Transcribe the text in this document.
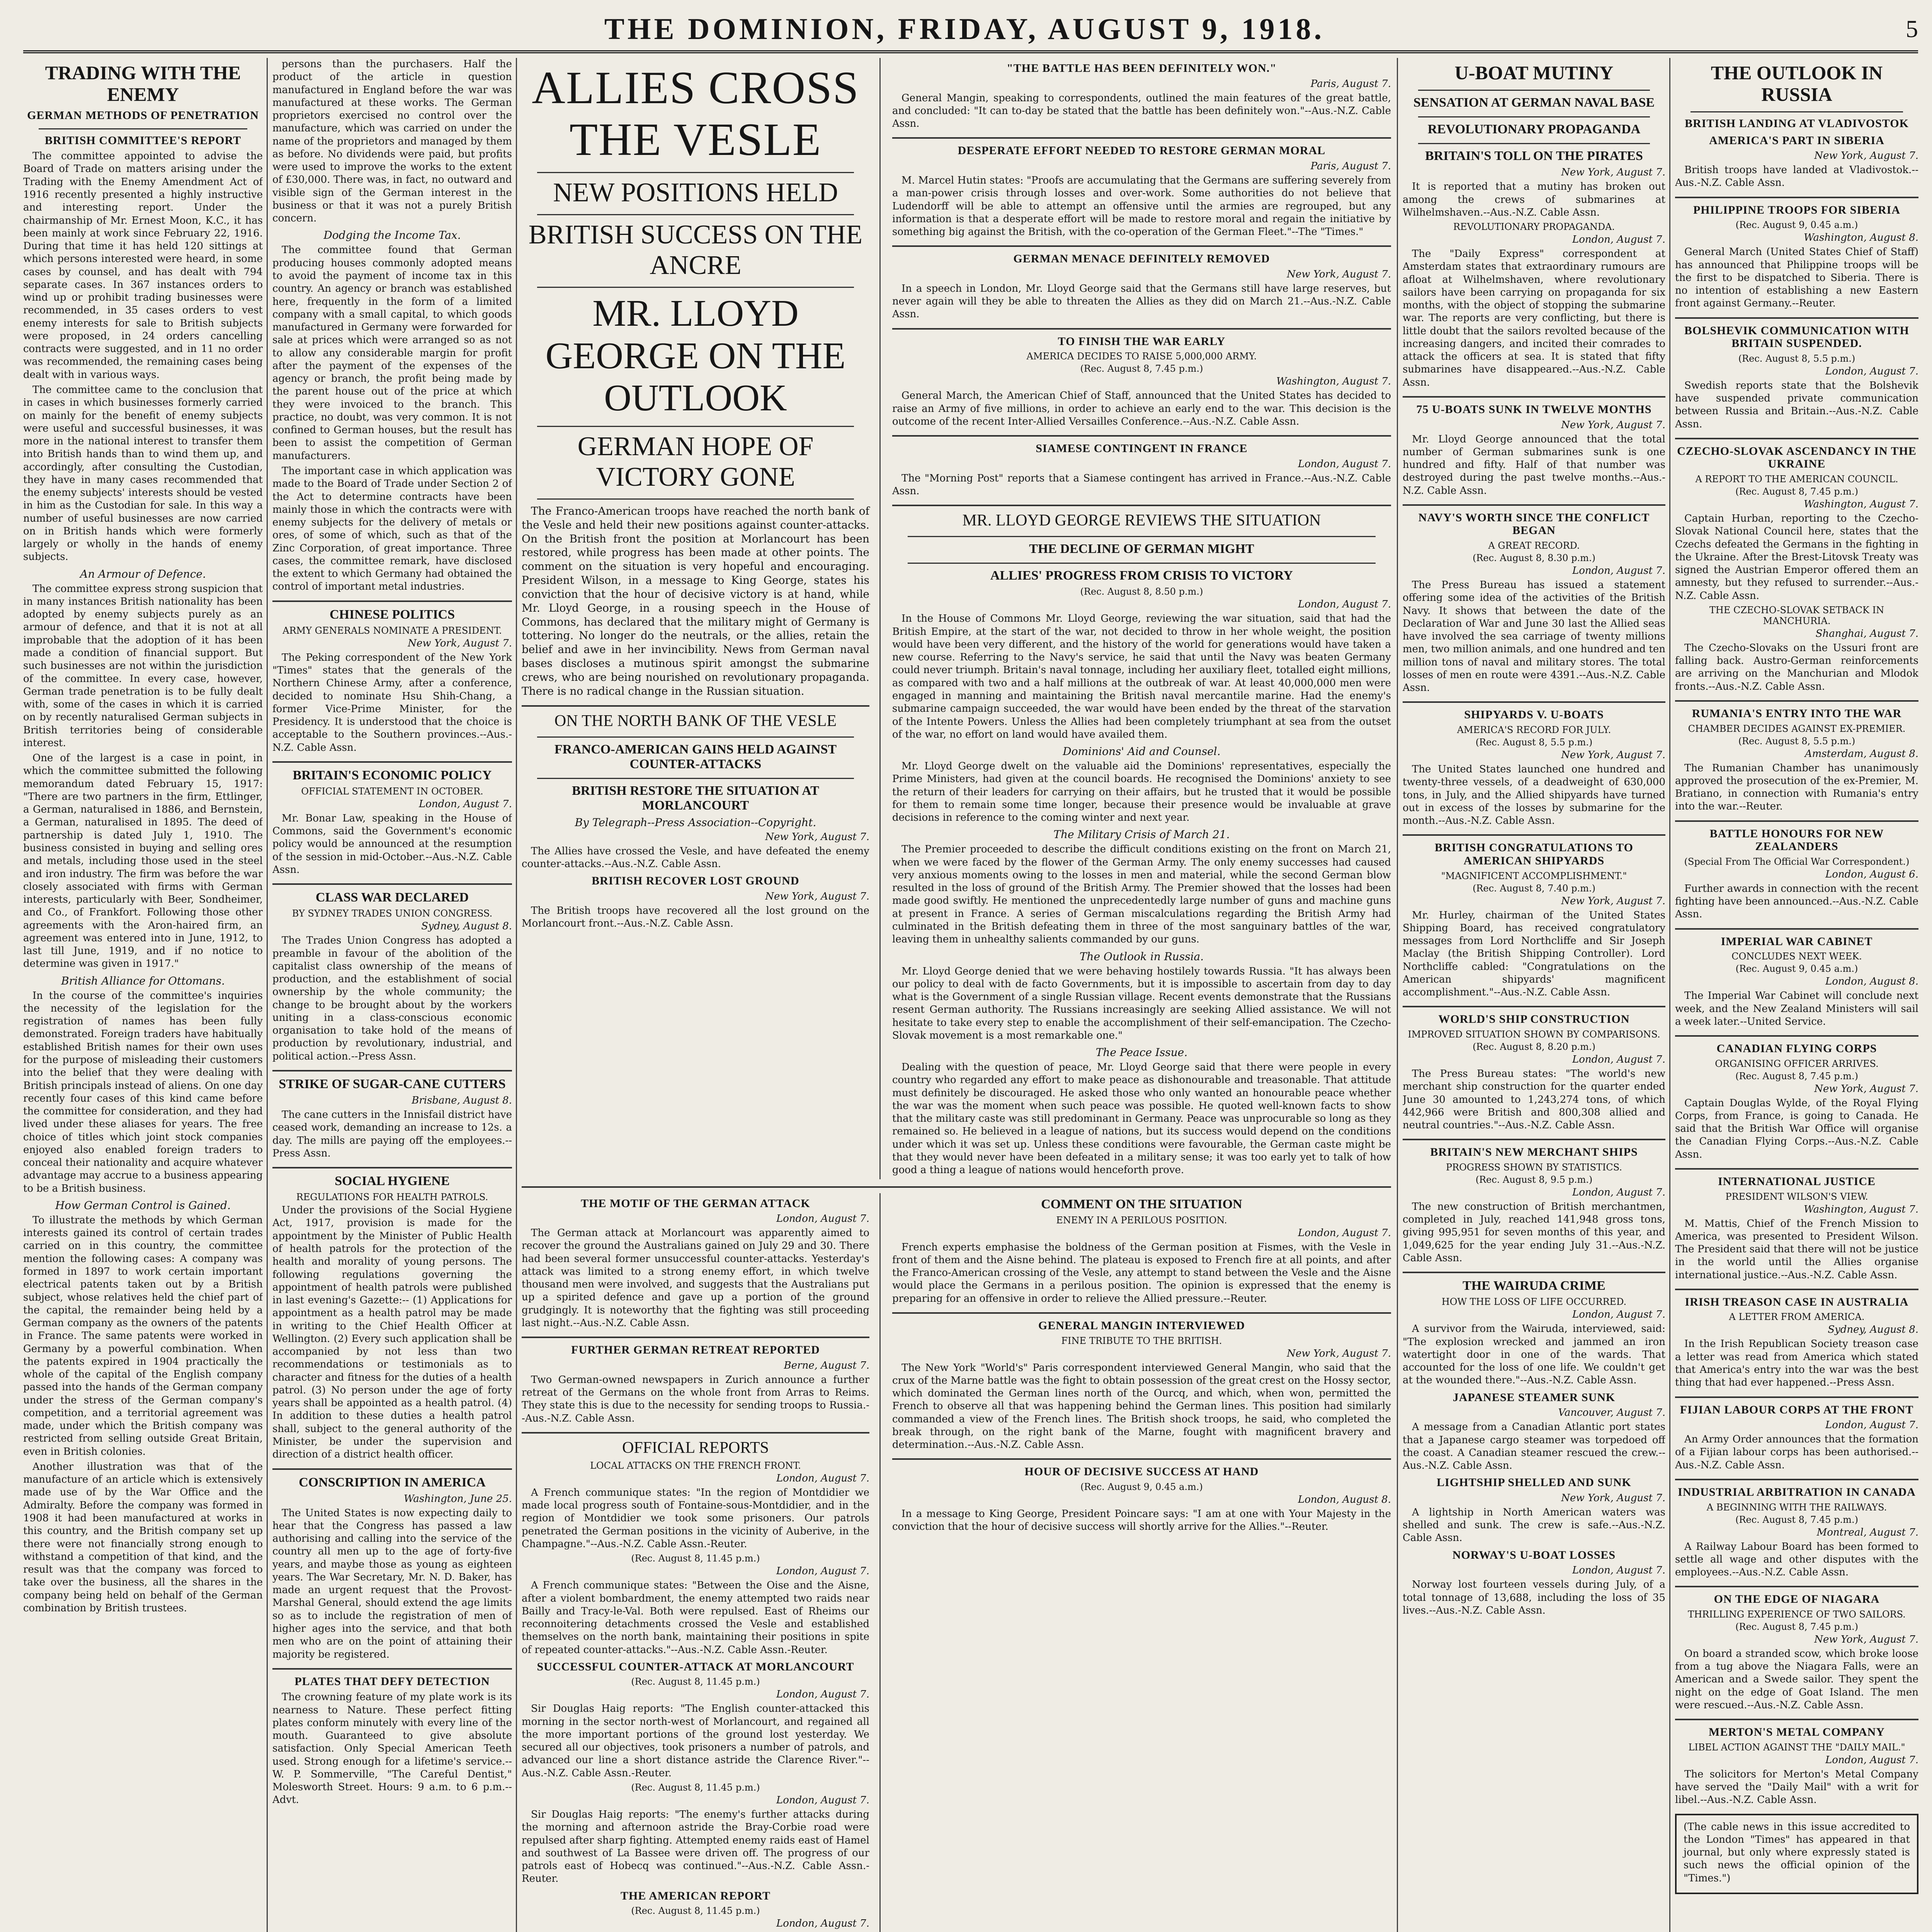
THE DOMINION, FRIDAY, AUGUST 9, 1918.	5
TRADING WITH THE ENEMY
GERMAN METHODS OF PENETRATION
BRITISH COMMITTEE'S REPORT

The committee appointed to advise the Board of Trade on matters arising under the Trading with the Enemy Amendment Act of 1916 recently presented a highly instructive and interesting report. Under the chairmanship of Mr. Ernest Moon, K.C., it has been mainly at work since February 22, 1916. During that time it has held 120 sittings at which persons interested were heard, in some cases by counsel, and has dealt with 794 separate cases. In 367 instances orders to wind up or prohibit trading businesses were recommended, in 35 cases orders to vest enemy interests for sale to British subjects were proposed, in 24 orders cancelling contracts were suggested, and in 11 no order was recommended, the remaining cases being dealt with in various ways.

The committee came to the conclusion that in cases in which businesses formerly carried on mainly for the benefit of enemy subjects were useful and successful businesses, it was more in the national interest to transfer them into British hands than to wind them up, and accordingly, after consulting the Custodian, they have in many cases recommended that the enemy subjects' interests should be vested in him as the Custodian for sale. In this way a number of useful businesses are now carried on in British hands which were formerly largely or wholly in the hands of enemy subjects.

An Armour of Defence.

The committee express strong suspicion that in many instances British nationality has been adopted by enemy subjects purely as an armour of defence, and that it is not at all improbable that the adoption of it has been made a condition of financial support. But such businesses are not within the jurisdiction of the committee. In every case, however, German trade penetration is to be fully dealt with, some of the cases in which it is carried on by recently naturalised German subjects in British territories being of considerable interest.

One of the largest is a case in point, in which the committee submitted the following memorandum dated February 15, 1917: "There are two partners in the firm, Ettlinger, a German, naturalised in 1886, and Bernstein, a German, naturalised in 1895. The deed of partnership is dated July 1, 1910. The business consisted in buying and selling ores and metals, including those used in the steel and iron industry. The firm was before the war closely associated with firms with German interests, particularly with Beer, Sondheimer, and Co., of Frankfort. Following those other agreements with the Aron-haired firm, an agreement was entered into in June, 1912, to last till June, 1919, and if no notice to determine was given in 1917."

British Alliance for Ottomans.

In the course of the committee's inquiries the necessity of the legislation for the registration of names has been fully demonstrated. Foreign traders have habitually established British names for their own uses for the purpose of misleading their customers into the belief that they were dealing with British principals instead of aliens. On one day recently four cases of this kind came before the committee for consideration, and they had lived under these aliases for years. The free choice of titles which joint stock companies enjoyed also enabled foreign traders to conceal their nationality and acquire whatever advantage may accrue to a business appearing to be a British business.

How German Control is Gained.

To illustrate the methods by which German interests gained its control of certain trades carried on in this country, the committee mention the following cases: A company was formed in 1897 to work certain important electrical patents taken out by a British subject, whose relatives held the chief part of the capital, the remainder being held by a German company as the owners of the patents in France. The same patents were worked in Germany by a powerful combination. When the patents expired in 1904 practically the whole of the capital of the English company passed into the hands of the German company under the stress of the German company's competition, and a territorial agreement was made, under which the British company was restricted from selling outside Great Britain, even in British colonies.

Another illustration was that of the manufacture of an article which is extensively made use of by the War Office and the Admiralty. Before the company was formed in 1908 it had been manufactured at works in this country, and the British company set up there were not financially strong enough to withstand a competition of that kind, and the result was that the company was forced to take over the business, all the shares in the company being held on behalf of the German combination by British trustees.

persons than the purchasers. Half the product of the article in question manufactured in England before the war was manufactured at these works. The German proprietors exercised no control over the manufacture, which was carried on under the name of the proprietors and managed by them as before. No dividends were paid, but profits were used to improve the works to the extent of £30,000. There was, in fact, no outward and visible sign of the German interest in the business or that it was not a purely British concern.

Dodging the Income Tax.

The committee found that German producing houses commonly adopted means to avoid the payment of income tax in this country. An agency or branch was established here, frequently in the form of a limited company with a small capital, to which goods manufactured in Germany were forwarded for sale at prices which were arranged so as not to allow any considerable margin for profit after the payment of the expenses of the agency or branch, the profit being made by the parent house out of the price at which they were invoiced to the branch. This practice, no doubt, was very common. It is not confined to German houses, but the result has been to assist the competition of German manufacturers.

The important case in which application was made to the Board of Trade under Section 2 of the Act to determine contracts have been mainly those in which the contracts were with enemy subjects for the delivery of metals or ores, of some of which, such as that of the Zinc Corporation, of great importance. Three cases, the committee remark, have disclosed the extent to which Germany had obtained the control of important metal industries.

CHINESE POLITICS
ARMY GENERALS NOMINATE A PRESIDENT.
New York, August 7.

The Peking correspondent of the New York "Times" states that the generals of the Northern Chinese Army, after a conference, decided to nominate Hsu Shih-Chang, a former Vice-Prime Minister, for the Presidency. It is understood that the choice is acceptable to the Southern provinces.--Aus.-N.Z. Cable Assn.

BRITAIN'S ECONOMIC POLICY
OFFICIAL STATEMENT IN OCTOBER.
London, August 7.

Mr. Bonar Law, speaking in the House of Commons, said the Government's economic policy would be announced at the resumption of the session in mid-October.--Aus.-N.Z. Cable Assn.

CLASS WAR DECLARED
BY SYDNEY TRADES UNION CONGRESS.
Sydney, August 8.

The Trades Union Congress has adopted a preamble in favour of the abolition of the capitalist class ownership of the means of production, and the establishment of social ownership by the whole community; the change to be brought about by the workers uniting in a class-conscious economic organisation to take hold of the means of production by revolutionary, industrial, and political action.--Press Assn.

STRIKE OF SUGAR-CANE CUTTERS
Brisbane, August 8.

The cane cutters in the Innisfail district have ceased work, demanding an increase to 12s. a day. The mills are paying off the employees.--Press Assn.

SOCIAL HYGIENE
REGULATIONS FOR HEALTH PATROLS.

Under the provisions of the Social Hygiene Act, 1917, provision is made for the appointment by the Minister of Public Health of health patrols for the protection of the health and morality of young persons. The following regulations governing the appointment of health patrols were published in last evening's Gazette:-- (1) Applications for appointment as a health patrol may be made in writing to the Chief Health Officer at Wellington. (2) Every such application shall be accompanied by not less than two recommendations or testimonials as to character and fitness for the duties of a health patrol. (3) No person under the age of forty years shall be appointed as a health patrol. (4) In addition to these duties a health patrol shall, subject to the general authority of the Minister, be under the supervision and direction of a district health officer.

CONSCRIPTION IN AMERICA
Washington, June 25.

The United States is now expecting daily to hear that the Congress has passed a law authorising and calling into the service of the country all men up to the age of forty-five years, and maybe those as young as eighteen years. The War Secretary, Mr. N. D. Baker, has made an urgent request that the Provost-Marshal General, should extend the age limits so as to include the registration of men of higher ages into the service, and that both men who are on the point of attaining their majority be registered.

PLATES THAT DEFY DETECTION

The crowning feature of my plate work is its nearness to Nature. These perfect fitting plates conform minutely with every line of the mouth. Guaranteed to give absolute satisfaction. Only Special American Teeth used. Strong enough for a lifetime's service.--W. P. Sommerville, "The Careful Dentist," Molesworth Street. Hours: 9 a.m. to 6 p.m.--Advt.

ALLIES CROSS THE VESLE
NEW POSITIONS HELD
BRITISH SUCCESS ON THE ANCRE
MR. LLOYD GEORGE ON THE OUTLOOK
GERMAN HOPE OF VICTORY GONE

The Franco-American troops have reached the north bank of the Vesle and held their new positions against counter-attacks. On the British front the position at Morlancourt has been restored, while progress has been made at other points. The comment on the situation is very hopeful and encouraging. President Wilson, in a message to King George, states his conviction that the hour of decisive victory is at hand, while Mr. Lloyd George, in a rousing speech in the House of Commons, has declared that the military might of Germany is tottering. No longer do the neutrals, or the allies, retain the belief and awe in her invincibility. News from German naval bases discloses a mutinous spirit amongst the submarine crews, who are being nourished on revolutionary propaganda. There is no radical change in the Russian situation.

ON THE NORTH BANK OF THE VESLE
FRANCO-AMERICAN GAINS HELD AGAINST COUNTER-ATTACKS
BRITISH RESTORE THE SITUATION AT MORLANCOURT
By Telegraph--Press Association--Copyright.
New York, August 7.

The Allies have crossed the Vesle, and have defeated the enemy counter-attacks.--Aus.-N.Z. Cable Assn.

BRITISH RECOVER LOST GROUND
New York, August 7.

The British troops have recovered all the lost ground on the Morlancourt front.--Aus.-N.Z. Cable Assn.

"THE BATTLE HAS BEEN DEFINITELY WON."
Paris, August 7.

General Mangin, speaking to correspondents, outlined the main features of the great battle, and concluded: "It can to-day be stated that the battle has been definitely won."--Aus.-N.Z. Cable Assn.

DESPERATE EFFORT NEEDED TO RESTORE GERMAN MORAL
Paris, August 7.

M. Marcel Hutin states: "Proofs are accumulating that the Germans are suffering severely from a man-power crisis through losses and over-work. Some authorities do not believe that Ludendorff will be able to attempt an offensive until the armies are regrouped, but any information is that a desperate effort will be made to restore moral and regain the initiative by something big against the British, with the co-operation of the German Fleet."--The "Times."

GERMAN MENACE DEFINITELY REMOVED
New York, August 7.

In a speech in London, Mr. Lloyd George said that the Germans still have large reserves, but never again will they be able to threaten the Allies as they did on March 21.--Aus.-N.Z. Cable Assn.

TO FINISH THE WAR EARLY
AMERICA DECIDES TO RAISE 5,000,000 ARMY.
(Rec. August 8, 7.45 p.m.)
Washington, August 7.

General March, the American Chief of Staff, announced that the United States has decided to raise an Army of five millions, in order to achieve an early end to the war. This decision is the outcome of the recent Inter-Allied Versailles Conference.--Aus.-N.Z. Cable Assn.

SIAMESE CONTINGENT IN FRANCE
London, August 7.

The "Morning Post" reports that a Siamese contingent has arrived in France.--Aus.-N.Z. Cable Assn.

MR. LLOYD GEORGE REVIEWS THE SITUATION
THE DECLINE OF GERMAN MIGHT
ALLIES' PROGRESS FROM CRISIS TO VICTORY
(Rec. August 8, 8.50 p.m.)
London, August 7.

In the House of Commons Mr. Lloyd George, reviewing the war situation, said that had the British Empire, at the start of the war, not decided to throw in her whole weight, the position would have been very different, and the history of the world for generations would have taken a new course. Referring to the Navy's service, he said that until the Navy was beaten Germany could never triumph. Britain's naval tonnage, including her auxiliary fleet, totalled eight millions, as compared with two and a half millions at the outbreak of war. At least 40,000,000 men were engaged in manning and maintaining the British naval mercantile marine. Had the enemy's submarine campaign succeeded, the war would have been ended by the threat of the starvation of the Intente Powers. Unless the Allies had been completely triumphant at sea from the outset of the war, no effort on land would have availed them.

Dominions' Aid and Counsel.

Mr. Lloyd George dwelt on the valuable aid the Dominions' representatives, especially the Prime Ministers, had given at the council boards. He recognised the Dominions' anxiety to see the return of their leaders for carrying on their affairs, but he trusted that it would be possible for them to remain some time longer, because their presence would be invaluable at grave decisions in reference to the coming winter and next year.

The Military Crisis of March 21.

The Premier proceeded to describe the difficult conditions existing on the front on March 21, when we were faced by the flower of the German Army. The only enemy successes had caused very anxious moments owing to the losses in men and material, while the second German blow resulted in the loss of ground of the British Army. The Premier showed that the losses had been made good swiftly. He mentioned the unprecedentedly large number of guns and machine guns at present in France. A series of German miscalculations regarding the British Army had culminated in the British defeating them in three of the most sanguinary battles of the war, leaving them in unhealthy salients commanded by our guns.

The Outlook in Russia.

Mr. Lloyd George denied that we were behaving hostilely towards Russia. "It has always been our policy to deal with de facto Governments, but it is impossible to ascertain from day to day what is the Government of a single Russian village. Recent events demonstrate that the Russians resent German authority. The Russians increasingly are seeking Allied assistance. We will not hesitate to take every step to enable the accomplishment of their self-emancipation. The Czecho-Slovak movement is a most remarkable one."

The Peace Issue.

Dealing with the question of peace, Mr. Lloyd George said that there were people in every country who regarded any effort to make peace as dishonourable and treasonable. That attitude must definitely be discouraged. He asked those who only wanted an honourable peace whether the war was the moment when such peace was possible. He quoted well-known facts to show that the military caste was still predominant in Germany. Peace was unprocurable so long as they remained so. He believed in a league of nations, but its success would depend on the conditions under which it was set up. Unless these conditions were favourable, the German caste might be that they would never have been defeated in a military sense; it was too early yet to talk of how good a thing a league of nations would henceforth prove.

THE MOTIF OF THE GERMAN ATTACK
London, August 7.

The German attack at Morlancourt was apparently aimed to recover the ground the Australians gained on July 29 and 30. There had been several former unsuccessful counter-attacks. Yesterday's attack was limited to a strong enemy effort, in which twelve thousand men were involved, and suggests that the Australians put up a spirited defence and gave up a portion of the ground grudgingly. It is noteworthy that the fighting was still proceeding last night.--Aus.-N.Z. Cable Assn.

FURTHER GERMAN RETREAT REPORTED
Berne, August 7.

Two German-owned newspapers in Zurich announce a further retreat of the Germans on the whole front from Arras to Reims. They state this is due to the necessity for sending troops to Russia.--Aus.-N.Z. Cable Assn.

OFFICIAL REPORTS
LOCAL ATTACKS ON THE FRENCH FRONT.
London, August 7.

A French communique states: "In the region of Montdidier we made local progress south of Fontaine-sous-Montdidier, and in the region of Montdidier we took some prisoners. Our patrols penetrated the German positions in the vicinity of Auberive, in the Champagne."--Aus.-N.Z. Cable Assn.-Reuter.

(Rec. August 8, 11.45 p.m.)
London, August 7.

A French communique states: "Between the Oise and the Aisne, after a violent bombardment, the enemy attempted two raids near Bailly and Tracy-le-Val. Both were repulsed. East of Rheims our reconnoitering detachments crossed the Vesle and established themselves on the north bank, maintaining their positions in spite of repeated counter-attacks."--Aus.-N.Z. Cable Assn.-Reuter.

SUCCESSFUL COUNTER-ATTACK AT MORLANCOURT
(Rec. August 8, 11.45 p.m.)
London, August 7.

Sir Douglas Haig reports: "The English counter-attacked this morning in the sector north-west of Morlancourt, and regained all the more important portions of the ground lost yesterday. We secured all our objectives, took prisoners a number of patrols, and advanced our line a short distance astride the Clarence River."--Aus.-N.Z. Cable Assn.-Reuter.

(Rec. August 8, 11.45 p.m.)
London, August 7.

Sir Douglas Haig reports: "The enemy's further attacks during the morning and afternoon astride the Bray-Corbie road were repulsed after sharp fighting. Attempted enemy raids east of Hamel and southwest of La Bassee were driven off. The progress of our patrols east of Hobecq was continued."--Aus.-N.Z. Cable Assn.-Reuter.

THE AMERICAN REPORT
(Rec. August 8, 11.45 p.m.)
London, August 7.

COMMENT ON THE SITUATION
ENEMY IN A PERILOUS POSITION.
London, August 7.

French experts emphasise the boldness of the German position at Fismes, with the Vesle in front of them and the Aisne behind. The plateau is exposed to French fire at all points, and after the Franco-American crossing of the Vesle, any attempt to stand between the Vesle and the Aisne would place the Germans in a perilous position. The opinion is expressed that the enemy is preparing for an offensive in order to relieve the Allied pressure.--Reuter.

GENERAL MANGIN INTERVIEWED
FINE TRIBUTE TO THE BRITISH.
New York, August 7.

The New York "World's" Paris correspondent interviewed General Mangin, who said that the crux of the Marne battle was the fight to obtain possession of the great crest on the Hossy sector, which dominated the German lines north of the Ourcq, and which, when won, permitted the French to observe all that was happening behind the German lines. This position had similarly commanded a view of the French lines. The British shock troops, he said, who completed the break through, on the right bank of the Marne, fought with magnificent bravery and determination.--Aus.-N.Z. Cable Assn.

HOUR OF DECISIVE SUCCESS AT HAND
(Rec. August 9, 0.45 a.m.)
London, August 8.

In a message to King George, President Poincare says: "I am at one with Your Majesty in the conviction that the hour of decisive success will shortly arrive for the Allies."--Reuter.

U-BOAT MUTINY
SENSATION AT GERMAN NAVAL BASE
REVOLUTIONARY PROPAGANDA
BRITAIN'S TOLL ON THE PIRATES
New York, August 7.

It is reported that a mutiny has broken out among the crews of submarines at Wilhelmshaven.--Aus.-N.Z. Cable Assn.

REVOLUTIONARY PROPAGANDA.
London, August 7.

The "Daily Express" correspondent at Amsterdam states that extraordinary rumours are afloat at Wilhelmshaven, where revolutionary sailors have been carrying on propaganda for six months, with the object of stopping the submarine war. The reports are very conflicting, but there is little doubt that the sailors revolted because of the increasing dangers, and incited their comrades to attack the officers at sea. It is stated that fifty submarines have disappeared.--Aus.-N.Z. Cable Assn.

75 U-BOATS SUNK IN TWELVE MONTHS
New York, August 7.

Mr. Lloyd George announced that the total number of German submarines sunk is one hundred and fifty. Half of that number was destroyed during the past twelve months.--Aus.-N.Z. Cable Assn.

NAVY'S WORTH SINCE THE CONFLICT BEGAN
A GREAT RECORD.
(Rec. August 8, 8.30 p.m.)
London, August 7.

The Press Bureau has issued a statement offering some idea of the activities of the British Navy. It shows that between the date of the Declaration of War and June 30 last the Allied seas have involved the sea carriage of twenty millions men, two million animals, and one hundred and ten million tons of naval and military stores. The total losses of men en route were 4391.--Aus.-N.Z. Cable Assn.

SHIPYARDS V. U-BOATS
AMERICA'S RECORD FOR JULY.
(Rec. August 8, 5.5 p.m.)
New York, August 7.

The United States launched one hundred and twenty-three vessels, of a deadweight of 630,000 tons, in July, and the Allied shipyards have turned out in excess of the losses by submarine for the month.--Aus.-N.Z. Cable Assn.

BRITISH CONGRATULATIONS TO AMERICAN SHIPYARDS
"MAGNIFICENT ACCOMPLISHMENT."
(Rec. August 8, 7.40 p.m.)
New York, August 7.

Mr. Hurley, chairman of the United States Shipping Board, has received congratulatory messages from Lord Northcliffe and Sir Joseph Maclay (the British Shipping Controller). Lord Northcliffe cabled: "Congratulations on the American shipyards' magnificent accomplishment."--Aus.-N.Z. Cable Assn.

WORLD'S SHIP CONSTRUCTION
IMPROVED SITUATION SHOWN BY COMPARISONS.
(Rec. August 8, 8.20 p.m.)
London, August 7.

The Press Bureau states: "The world's new merchant ship construction for the quarter ended June 30 amounted to 1,243,274 tons, of which 442,966 were British and 800,308 allied and neutral countries."--Aus.-N.Z. Cable Assn.

BRITAIN'S NEW MERCHANT SHIPS
PROGRESS SHOWN BY STATISTICS.
(Rec. August 8, 9.5 p.m.)
London, August 7.

The new construction of British merchantmen, completed in July, reached 141,948 gross tons, giving 995,951 for seven months of this year, and 1,049,625 for the year ending July 31.--Aus.-N.Z. Cable Assn.

THE WAIRUDA CRIME
HOW THE LOSS OF LIFE OCCURRED.
London, August 7.

A survivor from the Wairuda, interviewed, said: "The explosion wrecked and jammed an iron watertight door in one of the wards. That accounted for the loss of one life. We couldn't get at the wounded there."--Aus.-N.Z. Cable Assn.

JAPANESE STEAMER SUNK
Vancouver, August 7.

A message from a Canadian Atlantic port states that a Japanese cargo steamer was torpedoed off the coast. A Canadian steamer rescued the crew.--Aus.-N.Z. Cable Assn.

LIGHTSHIP SHELLED AND SUNK
New York, August 7.

A lightship in North American waters was shelled and sunk. The crew is safe.--Aus.-N.Z. Cable Assn.

NORWAY'S U-BOAT LOSSES
London, August 7.

Norway lost fourteen vessels during July, of a total tonnage of 13,688, including the loss of 35 lives.--Aus.-N.Z. Cable Assn.

THE OUTLOOK IN RUSSIA
BRITISH LANDING AT VLADIVOSTOK
AMERICA'S PART IN SIBERIA
New York, August 7.

British troops have landed at Vladivostok.--Aus.-N.Z. Cable Assn.

PHILIPPINE TROOPS FOR SIBERIA
(Rec. August 9, 0.45 a.m.)
Washington, August 8.

General March (United States Chief of Staff) has announced that Philippine troops will be the first to be dispatched to Siberia. There is no intention of establishing a new Eastern front against Germany.--Reuter.

BOLSHEVIK COMMUNICATION WITH BRITAIN SUSPENDED.
(Rec. August 8, 5.5 p.m.)
London, August 7.

Swedish reports state that the Bolshevik have suspended private communication between Russia and Britain.--Aus.-N.Z. Cable Assn.

CZECHO-SLOVAK ASCENDANCY IN THE UKRAINE
A REPORT TO THE AMERICAN COUNCIL.
(Rec. August 8, 7.45 p.m.)
Washington, August 7.

Captain Hurban, reporting to the Czecho-Slovak National Council here, states that the Czechs defeated the Germans in the fighting in the Ukraine. After the Brest-Litovsk Treaty was signed the Austrian Emperor offered them an amnesty, but they refused to surrender.--Aus.-N.Z. Cable Assn.

THE CZECHO-SLOVAK SETBACK IN MANCHURIA.
Shanghai, August 7.

The Czecho-Slovaks on the Ussuri front are falling back. Austro-German reinforcements are arriving on the Manchurian and Mlodok fronts.--Aus.-N.Z. Cable Assn.

RUMANIA'S ENTRY INTO THE WAR
CHAMBER DECIDES AGAINST EX-PREMIER.
(Rec. August 8, 5.5 p.m.)
Amsterdam, August 8.

The Rumanian Chamber has unanimously approved the prosecution of the ex-Premier, M. Bratiano, in connection with Rumania's entry into the war.--Reuter.

BATTLE HONOURS FOR NEW ZEALANDERS
(Special From The Official War Correspondent.)
London, August 6.

Further awards in connection with the recent fighting have been announced.--Aus.-N.Z. Cable Assn.

IMPERIAL WAR CABINET
CONCLUDES NEXT WEEK.
(Rec. August 9, 0.45 a.m.)
London, August 8.

The Imperial War Cabinet will conclude next week, and the New Zealand Ministers will sail a week later.--United Service.

CANADIAN FLYING CORPS
ORGANISING OFFICER ARRIVES.
(Rec. August 8, 7.45 p.m.)
New York, August 7.

Captain Douglas Wylde, of the Royal Flying Corps, from France, is going to Canada. He said that the British War Office will organise the Canadian Flying Corps.--Aus.-N.Z. Cable Assn.

INTERNATIONAL JUSTICE
PRESIDENT WILSON'S VIEW.
Washington, August 7.

M. Mattis, Chief of the French Mission to America, was presented to President Wilson. The President said that there will not be justice in the world until the Allies organise international justice.--Aus.-N.Z. Cable Assn.

IRISH TREASON CASE IN AUSTRALIA
A LETTER FROM AMERICA.
Sydney, August 8.

In the Irish Republican Society treason case a letter was read from America which stated that America's entry into the war was the best thing that had ever happened.--Press Assn.

FIJIAN LABOUR CORPS AT THE FRONT
London, August 7.

An Army Order announces that the formation of a Fijian labour corps has been authorised.--Aus.-N.Z. Cable Assn.

INDUSTRIAL ARBITRATION IN CANADA
A BEGINNING WITH THE RAILWAYS.
(Rec. August 8, 7.45 p.m.)
Montreal, August 7.

A Railway Labour Board has been formed to settle all wage and other disputes with the employees.--Aus.-N.Z. Cable Assn.

ON THE EDGE OF NIAGARA
THRILLING EXPERIENCE OF TWO SAILORS.
(Rec. August 8, 7.45 p.m.)
New York, August 7.

On board a stranded scow, which broke loose from a tug above the Niagara Falls, were an American and a Swede sailor. They spent the night on the edge of Goat Island. The men were rescued.--Aus.-N.Z. Cable Assn.

MERTON'S METAL COMPANY
LIBEL ACTION AGAINST THE "DAILY MAIL."
London, August 7.

The solicitors for Merton's Metal Company have served the "Daily Mail" with a writ for libel.--Aus.-N.Z. Cable Assn.

(The cable news in this issue accredited to the London "Times" has appeared in that journal, but only where expressly stated is such news the official opinion of the "Times.")
